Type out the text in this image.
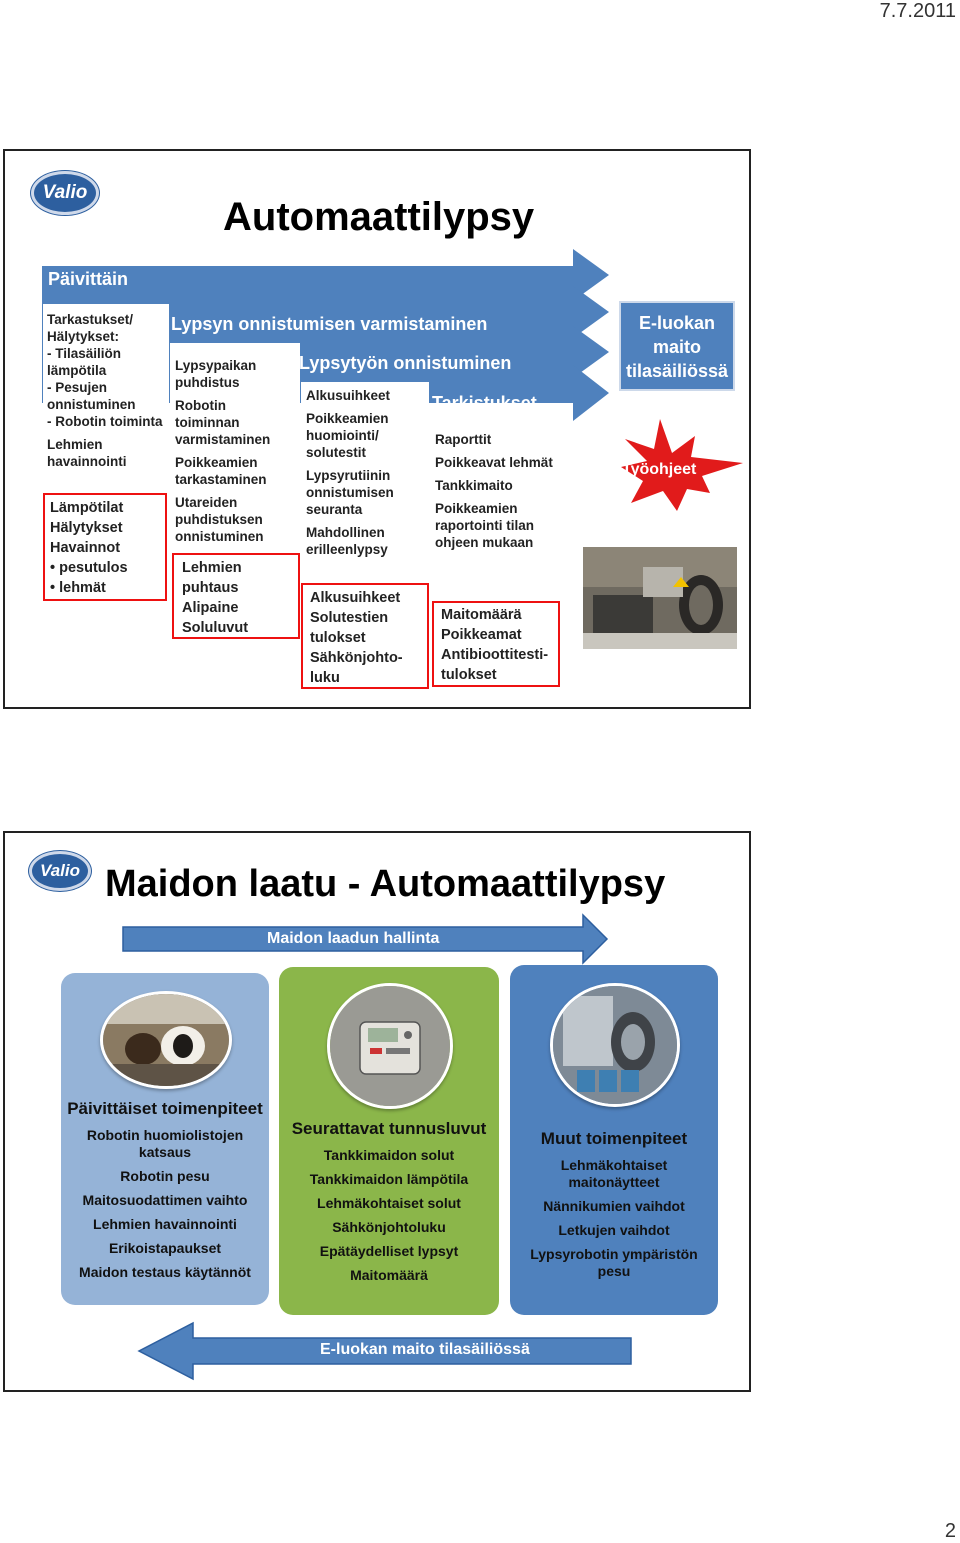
7.7.2011
Valio
Automaattilypsy
Päivittäin
Lypsyn onnistumisen varmistaminen
Lypsytyön onnistuminen
Tarkistukset
Tarkastukset/
Hälytykset:
- Tilasäiliön
lämpötila
- Pesujen
onnistuminen
- Robotin toiminta
Lehmien
havainnointi
Lämpötilat
Hälytykset
Havainnot
• pesutulos
• lehmät
Lypsypaikan
puhdistus
Robotin
toiminnan
varmistaminen
Poikkeamien
tarkastaminen
Utareiden
puhdistuksen
onnistuminen
Lehmien
puhtaus
Alipaine
Soluluvut
Alkusuihkeet
Poikkeamien
huomiointi/
solutestit
Lypsyrutiinin
onnistumisen
seuranta
Mahdollinen
erilleenlypsy
Alkusuihkeet
Solutestien
tulokset
Sähkönjohto-
luku
Raporttit
Poikkeavat lehmät
Tankkimaito
Poikkeamien
raportointi tilan
ohjeen mukaan
Maitomäärä
Poikkeamat
Antibioottitesti-
tulokset
E-luokan
maito
tilasäiliössä
Työohjeet
Valio Maidon laatu - Automaattilypsy
Maidon laadun hallinta
E-luokan maito tilasäiliössä
Päivittäiset toimenpiteet
Robotin huomiolistojen katsaus
Robotin pesu
Maitosuodattimen vaihto
Lehmien havainnointi
Erikoistapaukset
Maidon testaus käytännöt
Seurattavat tunnusluvut
Tankkimaidon solut
Tankkimaidon lämpötila
Lehmäkohtaiset solut
Sähkönjohtoluku
Epätäydelliset lypsyt
Maitomäärä
Muut toimenpiteet
Lehmäkohtaiset maitonäytteet
Nännikumien vaihdot
Letkujen vaihdot
Lypsyrobotin ympäristön pesu
2
